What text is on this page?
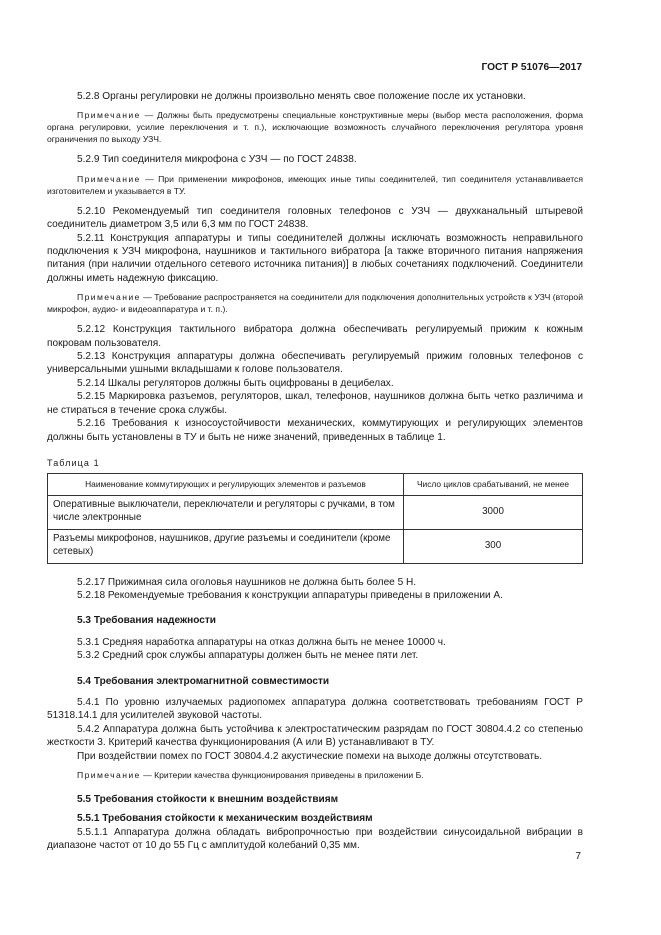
ГОСТ Р 51076—2017

5.2.8 Органы регулировки не должны произвольно менять свое положение после их установки.

Примечание — Должны быть предусмотрены специальные конструктивные меры (выбор места расположения, форма органа регулировки, усилие переключения и т. п.), исключающие возможность случайного переключения регулятора уровня ограничения по выходу УЗЧ.

5.2.9 Тип соединителя микрофона с УЗЧ — по ГОСТ 24838.

Примечание — При применении микрофонов, имеющих иные типы соединителей, тип соединителя устанавливается изготовителем и указывается в ТУ.

5.2.10 Рекомендуемый тип соединителя головных телефонов с УЗЧ — двухканальный штыревой соединитель диаметром 3,5 или 6,3 мм по ГОСТ 24838.

5.2.11 Конструкция аппаратуры и типы соединителей должны исключать возможность неправильного подключения к УЗЧ микрофона, наушников и тактильного вибратора [а также вторичного питания напряжения питания (при наличии отдельного сетевого источника питания)] в любых сочетаниях подключений. Соединители должны иметь надежную фиксацию.

Примечание — Требование распространяется на соединители для подключения дополнительных устройств к УЗЧ (второй микрофон, аудио- и видеоаппаратура и т. п.).

5.2.12 Конструкция тактильного вибратора должна обеспечивать регулируемый прижим к кожным покровам пользователя.

5.2.13 Конструкция аппаратуры должна обеспечивать регулируемый прижим головных телефонов с универсальными ушными вкладышами к голове пользователя.

5.2.14 Шкалы регуляторов должны быть оцифрованы в децибелах.

5.2.15 Маркировка разъемов, регуляторов, шкал, телефонов, наушников должна быть четко различима и не стираться в течение срока службы.

5.2.16 Требования к износоустойчивости механических, коммутирующих и регулирующих элементов должны быть установлены в ТУ и быть не ниже значений, приведенных в таблице 1.

Таблица 1
Наименование коммутирующих и регулирующих элементов и разъемов	Число циклов срабатываний, не менее
Оперативные выключатели, переключатели и регуляторы с ручками, в том числе электронные	3000
Разъемы микрофонов, наушников, другие разъемы и соединители (кроме сетевых)	300

5.2.17 Прижимная сила оголовья наушников не должна быть более 5 Н.

5.2.18 Рекомендуемые требования к конструкции аппаратуры приведены в приложении А.

5.3 Требования надежности

5.3.1 Средняя наработка аппаратуры на отказ должна быть не менее 10000 ч.

5.3.2 Средний срок службы аппаратуры должен быть не менее пяти лет.

5.4 Требования электромагнитной совместимости

5.4.1 По уровню излучаемых радиопомех аппаратура должна соответствовать требованиям ГОСТ Р 51318.14.1 для усилителей звуковой частоты.

5.4.2 Аппаратура должна быть устойчива к электростатическим разрядам по ГОСТ 30804.4.2 со степенью жесткости 3. Критерий качества функционирования (А или В) устанавливают в ТУ.

При воздействии помех по ГОСТ 30804.4.2 акустические помехи на выходе должны отсутствовать.

Примечание — Критерии качества функционирования приведены в приложении Б.

5.5 Требования стойкости к внешним воздействиям

5.5.1 Требования стойкости к механическим воздействиям

5.5.1.1 Аппаратура должна обладать вибропрочностью при воздействии синусоидальной вибрации в диапазоне частот от 10 до 55 Гц с амплитудой колебаний 0,35 мм.

7
